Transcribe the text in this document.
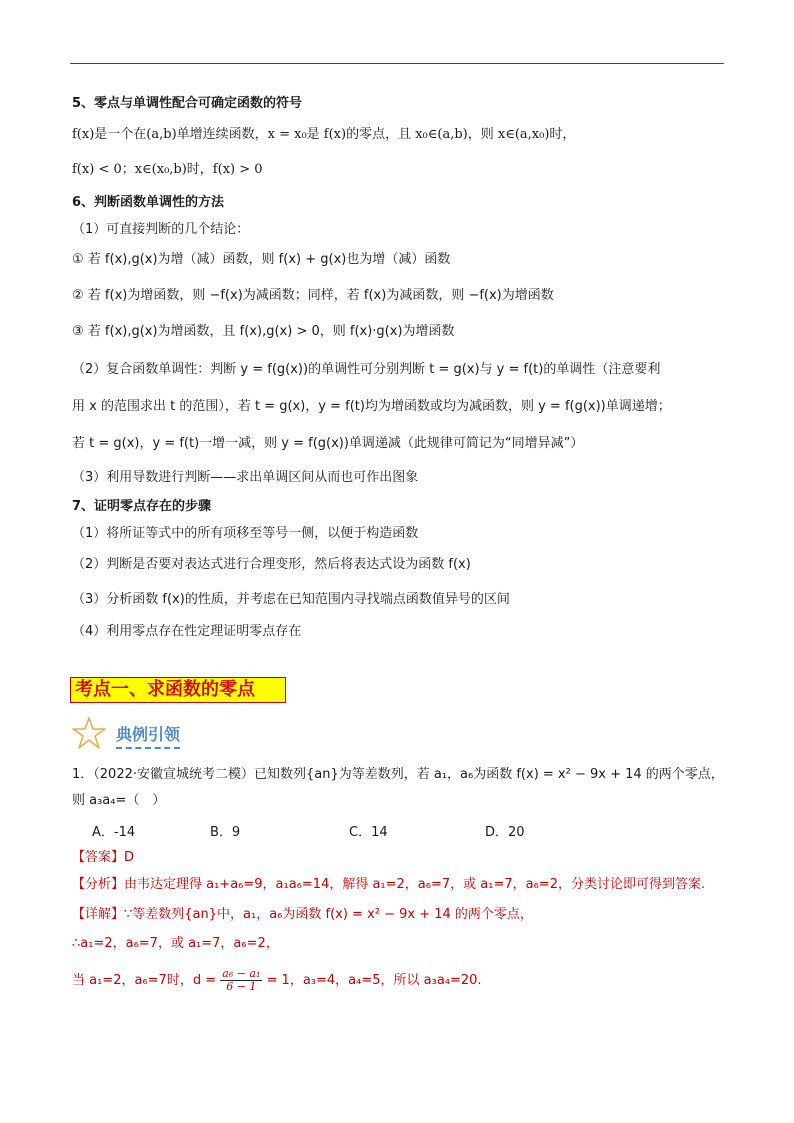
5、零点与单调性配合可确定函数的符号
f(x)是一个在(a,b)单增连续函数，x = x₀是 f(x)的零点，且 x₀∈(a,b)，则 x∈(a,x₀)时，
f(x) < 0；x∈(x₀,b)时，f(x) > 0
6、判断函数单调性的方法
（1）可直接判断的几个结论：
① 若 f(x),g(x)为增（减）函数，则 f(x) + g(x)也为增（减）函数
② 若 f(x)为增函数，则 −f(x)为减函数；同样，若 f(x)为减函数，则 −f(x)为增函数
③ 若 f(x),g(x)为增函数，且 f(x),g(x) > 0，则 f(x)·g(x)为增函数
（2）复合函数单调性：判断 y = f(g(x))的单调性可分别判断 t = g(x)与 y = f(t)的单调性（注意要利
用 x 的范围求出 t 的范围），若 t = g(x)，y = f(t)均为增函数或均为减函数，则 y = f(g(x))单调递增；
若 t = g(x)，y = f(t)一增一减，则 y = f(g(x))单调递减（此规律可简记为“同增异减”）
（3）利用导数进行判断——求出单调区间从而也可作出图象
7、证明零点存在的步骤
（1）将所证等式中的所有项移至等号一侧，以便于构造函数
（2）判断是否要对表达式进行合理变形，然后将表达式设为函数 f(x)
（3）分析函数 f(x)的性质，并考虑在已知范围内寻找端点函数值异号的区间
（4）利用零点存在性定理证明零点存在
考点一、求函数的零点
典例引领
1．（2022·安徽宣城统考二模）已知数列{an}为等差数列，若 a₁，a₆为函数 f(x) = x² − 9x + 14 的两个零点，
则 a₃a₄=（　）
A．-14	B．9	C．14	D．20
【答案】D
【分析】由韦达定理得 a₁+a₆=9，a₁a₆=14，解得 a₁=2，a₆=7，或 a₁=7，a₆=2，分类讨论即可得到答案.
【详解】∵等差数列{an}中，a₁，a₆为函数 f(x) = x² − 9x + 14 的两个零点，
∴a₁=2，a₆=7，或 a₁=7，a₆=2，
当 a₁=2，a₆=7时，$d = \frac{\text{a₆ − a₁}}{6 - 1} = 1$，a₃=4，a₄=5，所以 a₃a₄=20.
